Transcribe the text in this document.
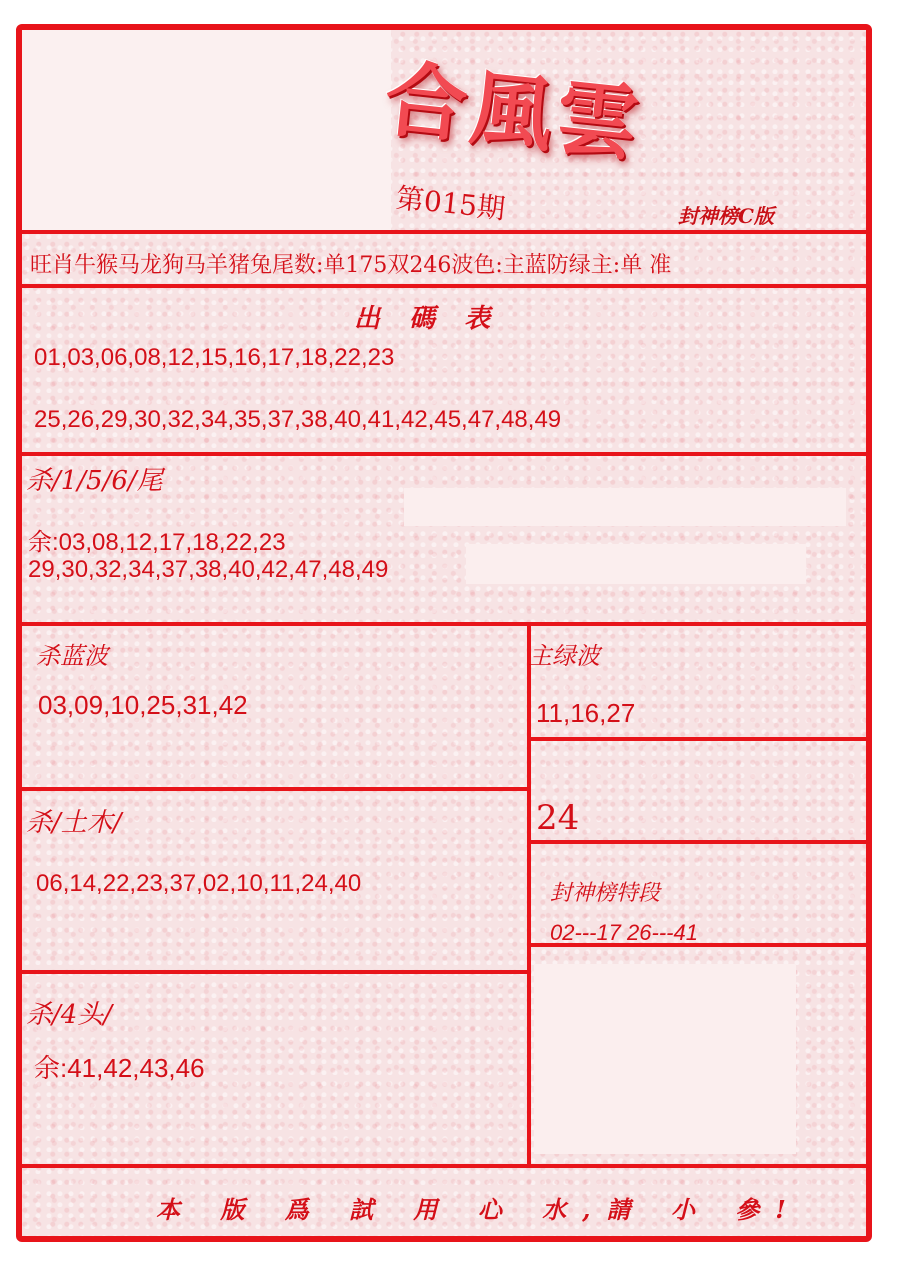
合風雲
第015期	封神榜C版
旺肖牛猴马龙狗马羊猪兔尾数:单175双246波色:主蓝防绿主:单 准
出 碼 表
01,03,06,08,12,15,16,17,18,22,23
25,26,29,30,32,34,35,37,38,40,41,42,45,47,48,49
杀/1/5/6/尾
余:03,08,12,17,18,22,23
29,30,32,34,37,38,40,42,47,48,49
杀蓝波
03,09,10,25,31,42
主绿波
11,16,27
24
杀/土木/
06,14,22,23,37,02,10,11,24,40	封神榜特段
02---17 26---41
杀/4头/
余:41,42,43,46
本 版 爲 試 用 心 水,請 小 參!
